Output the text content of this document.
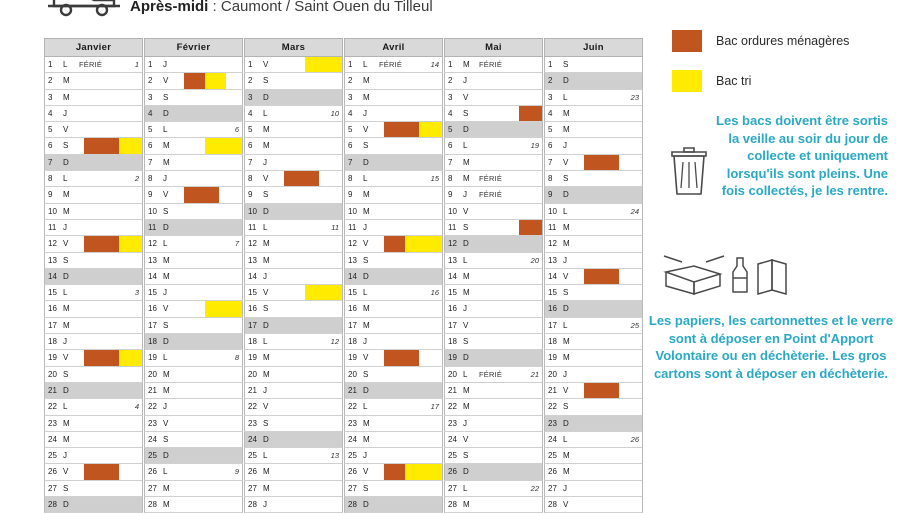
Après-midi : Caumont / Saint Ouen du Tilleul
Janvier
1 L FÉRIÉ	1
2 M
3 M
4 J
5 V
6 S
7 D
8 L	2
9 M
10 M
11 J
12 V
13 S
14 D
15 L	3
16 M
17 M
18 J
19 V
20 S
21 D
22 L	4
23 M
24 M
25 J
26 V
27 S
28 D
Février
1 J
2 V
3 S
4 D
5 L	6
6 M
7 M
8 J
9 V
10 S
11 D
12 L	7
13 M
14 M
15 J
16 V
17 S
18 D
19 L	8
20 M
21 M
22 J
23 V
24 S
25 D
26 L	9
27 M
28 M
Mars
1 V
2 S
3 D
4 L	10
5 M
6 M
7 J
8 V
9 S
10 D
11 L	11
12 M
13 M
14 J
15 V
16 S
17 D
18 L	12
19 M
20 M
21 J
22 V
23 S
24 D
25 L	13
26 M
27 M
28 J
Avril
1 L FÉRIÉ	14
2 M
3 M
4 J
5 V
6 S
7 D
8 L	15
9 M
10 M
11 J
12 V
13 S
14 D
15 L	16
16 M
17 M
18 J
19 V
20 S
21 D
22 L	17
23 M
24 M
25 J
26 V
27 S
28 D
Mai
1 M FÉRIÉ
2 J
3 V
4 S
5 D
6 L	19
7 M
8 M FÉRIÉ
9 J FÉRIÉ
10 V
11 S
12 D
13 L	20
14 M
15 M
16 J
17 V
18 S
19 D
20 L FÉRIÉ	21
21 M
22 M
23 J
24 V
25 S
26 D
27 L	22
28 M
Juin
1 S
2 D
3 L	23
4 M
5 M
6 J
7 V
8 S
9 D
10 L	24
11 M
12 M
13 J
14 V
15 S
16 D
17 L	25
18 M
19 M
20 J
21 V
22 S
23 D
24 L	26
25 M
26 M
27 J
28 V
Bac ordures ménagères
Bac tri
Les bacs doivent être sortis la veille au soir du jour de collecte et uniquement lorsqu'ils sont pleins. Une fois collectés, je les rentre.
Les papiers, les cartonnettes et le verre sont à déposer en Point d'Apport Volontaire ou en déchèterie. Les gros cartons sont à déposer en déchèterie.
